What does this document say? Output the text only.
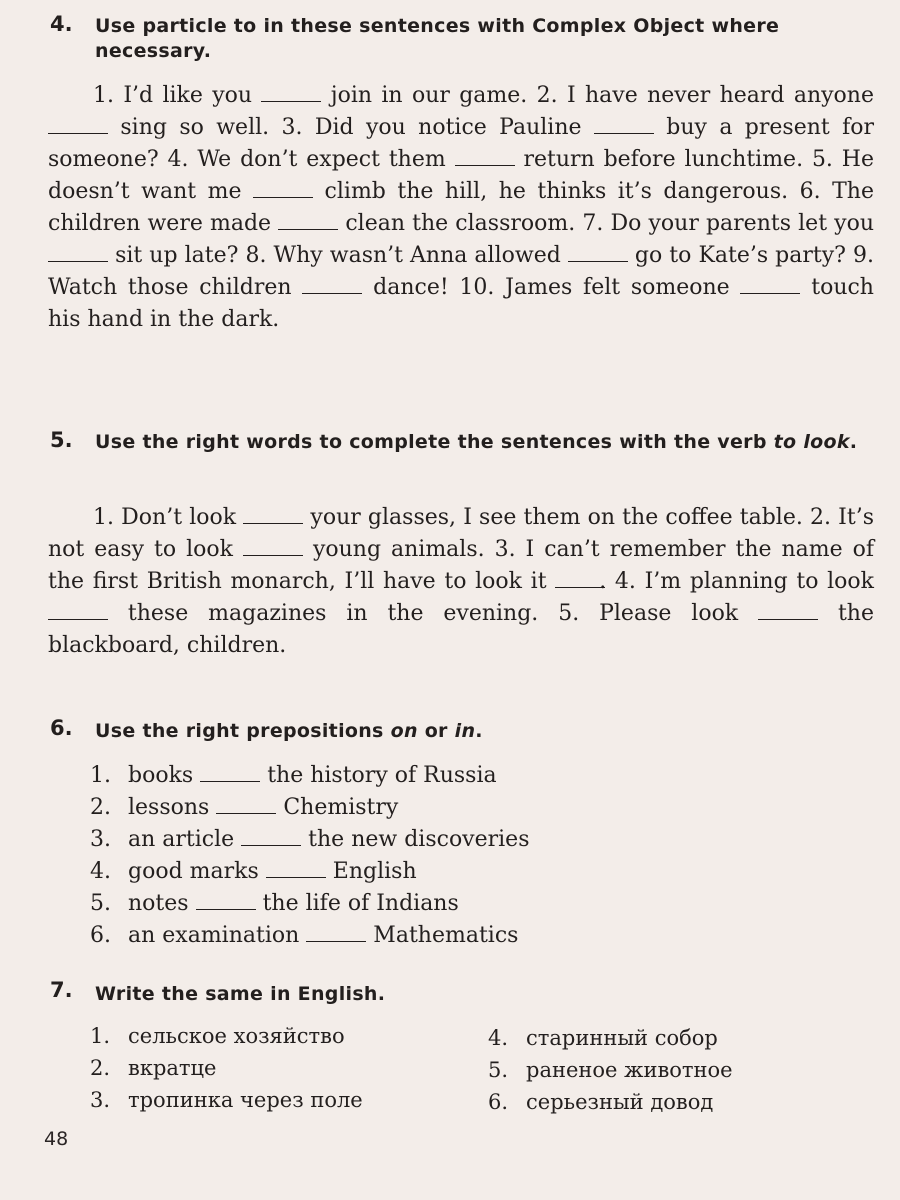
4. Use particle to in these sentences with Complex Object where necessary.
1. I’d like you	join in our game. 2. I have never heard anyone  sing so well. 3. Did you notice Pauline	buy a present for someone? 4. We don’t expect them	return before lunchtime. 5. He doesn’t want me	climb the hill, he thinks it’s dangerous. 6. The children were made	clean the classroom. 7. Do your parents let you  sit up late? 8. Why wasn’t Anna allowed	go to Kate’s party? 9. Watch those children	dance! 10. James felt someone	touch his hand in the dark.
5. Use the right words to complete the sentences with the verb to look.
1. Don’t look	your glasses, I see them on the coffee table. 2. It’s not easy to look	young animals. 3. I can’t remember the name of the first British monarch, I’ll have to look it . 4. I’m planning to look  these magazines in the evening. 5. Please look	the blackboard, children.
6. Use the right prepositions on or in.
1. books	the history of Russia
2. lessons	Chemistry
3. an article	the new discoveries
4. good marks	English
5. notes	the life of Indians
6. an examination	Mathematics
7. Write the same in English.
1. сельское хозяйство
2. вкратце
3. тропинка через поле
4. старинный собор
5. раненое животное
6. серьезный довод
48
